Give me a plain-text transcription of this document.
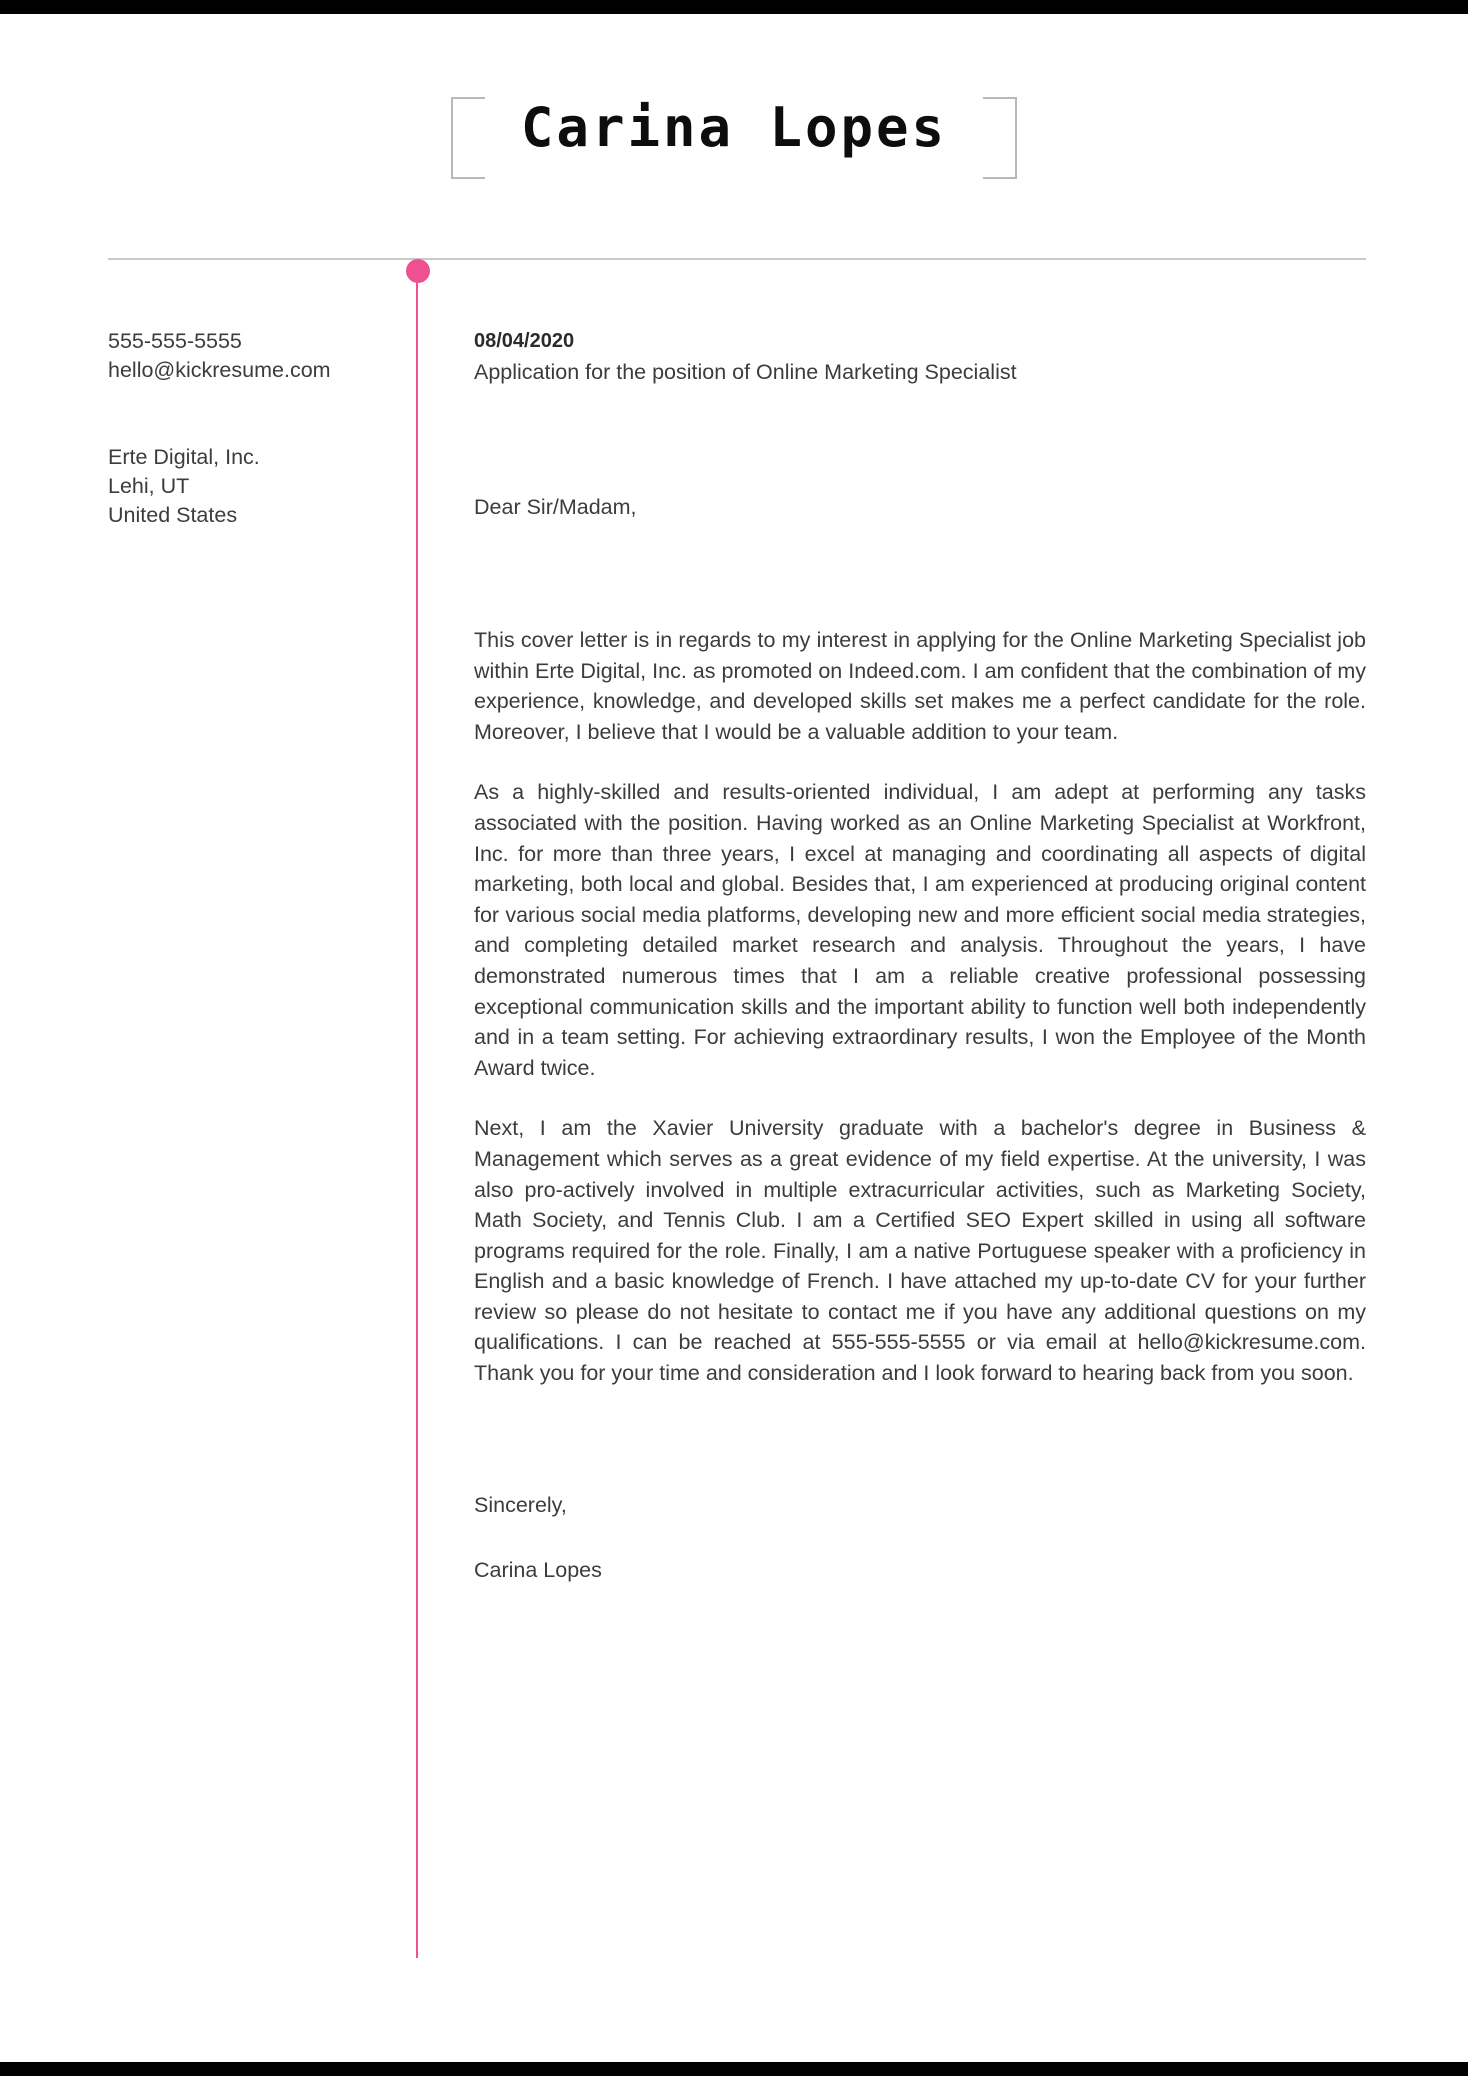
Carina Lopes
555-555-5555
hello@kickresume.com
Erte Digital, Inc.
Lehi, UT
United States
08/04/2020
Application for the position of Online Marketing Specialist
Dear Sir/Madam,

This cover letter is in regards to my interest in applying for the Online Marketing Specialist job within Erte Digital, Inc. as promoted on Indeed.com. I am confident that the combination of my experience, knowledge, and developed skills set makes me a perfect candidate for the role. Moreover, I believe that I would be a valuable addition to your team.

As a highly-skilled and results-oriented individual, I am adept at performing any tasks associated with the position. Having worked as an Online Marketing Specialist at Workfront, Inc. for more than three years, I excel at managing and coordinating all aspects of digital marketing, both local and global. Besides that, I am experienced at producing original content for various social media platforms, developing new and more efficient social media strategies, and completing detailed market research and analysis. Throughout the years, I have demonstrated numerous times that I am a reliable creative professional possessing exceptional communication skills and the important ability to function well both independently and in a team setting. For achieving extraordinary results, I won the Employee of the Month Award twice.

Next, I am the Xavier University graduate with a bachelor's degree in Business & Management which serves as a great evidence of my field expertise. At the university, I was also pro-actively involved in multiple extracurricular activities, such as Marketing Society, Math Society, and Tennis Club. I am a Certified SEO Expert skilled in using all software programs required for the role. Finally, I am a native Portuguese speaker with a proficiency in English and a basic knowledge of French. I have attached my up-to-date CV for your further review so please do not hesitate to contact me if you have any additional questions on my qualifications. I can be reached at 555-555-5555 or via email at hello@kickresume.com. Thank you for your time and consideration and I look forward to hearing back from you soon.

Sincerely,
Carina Lopes
